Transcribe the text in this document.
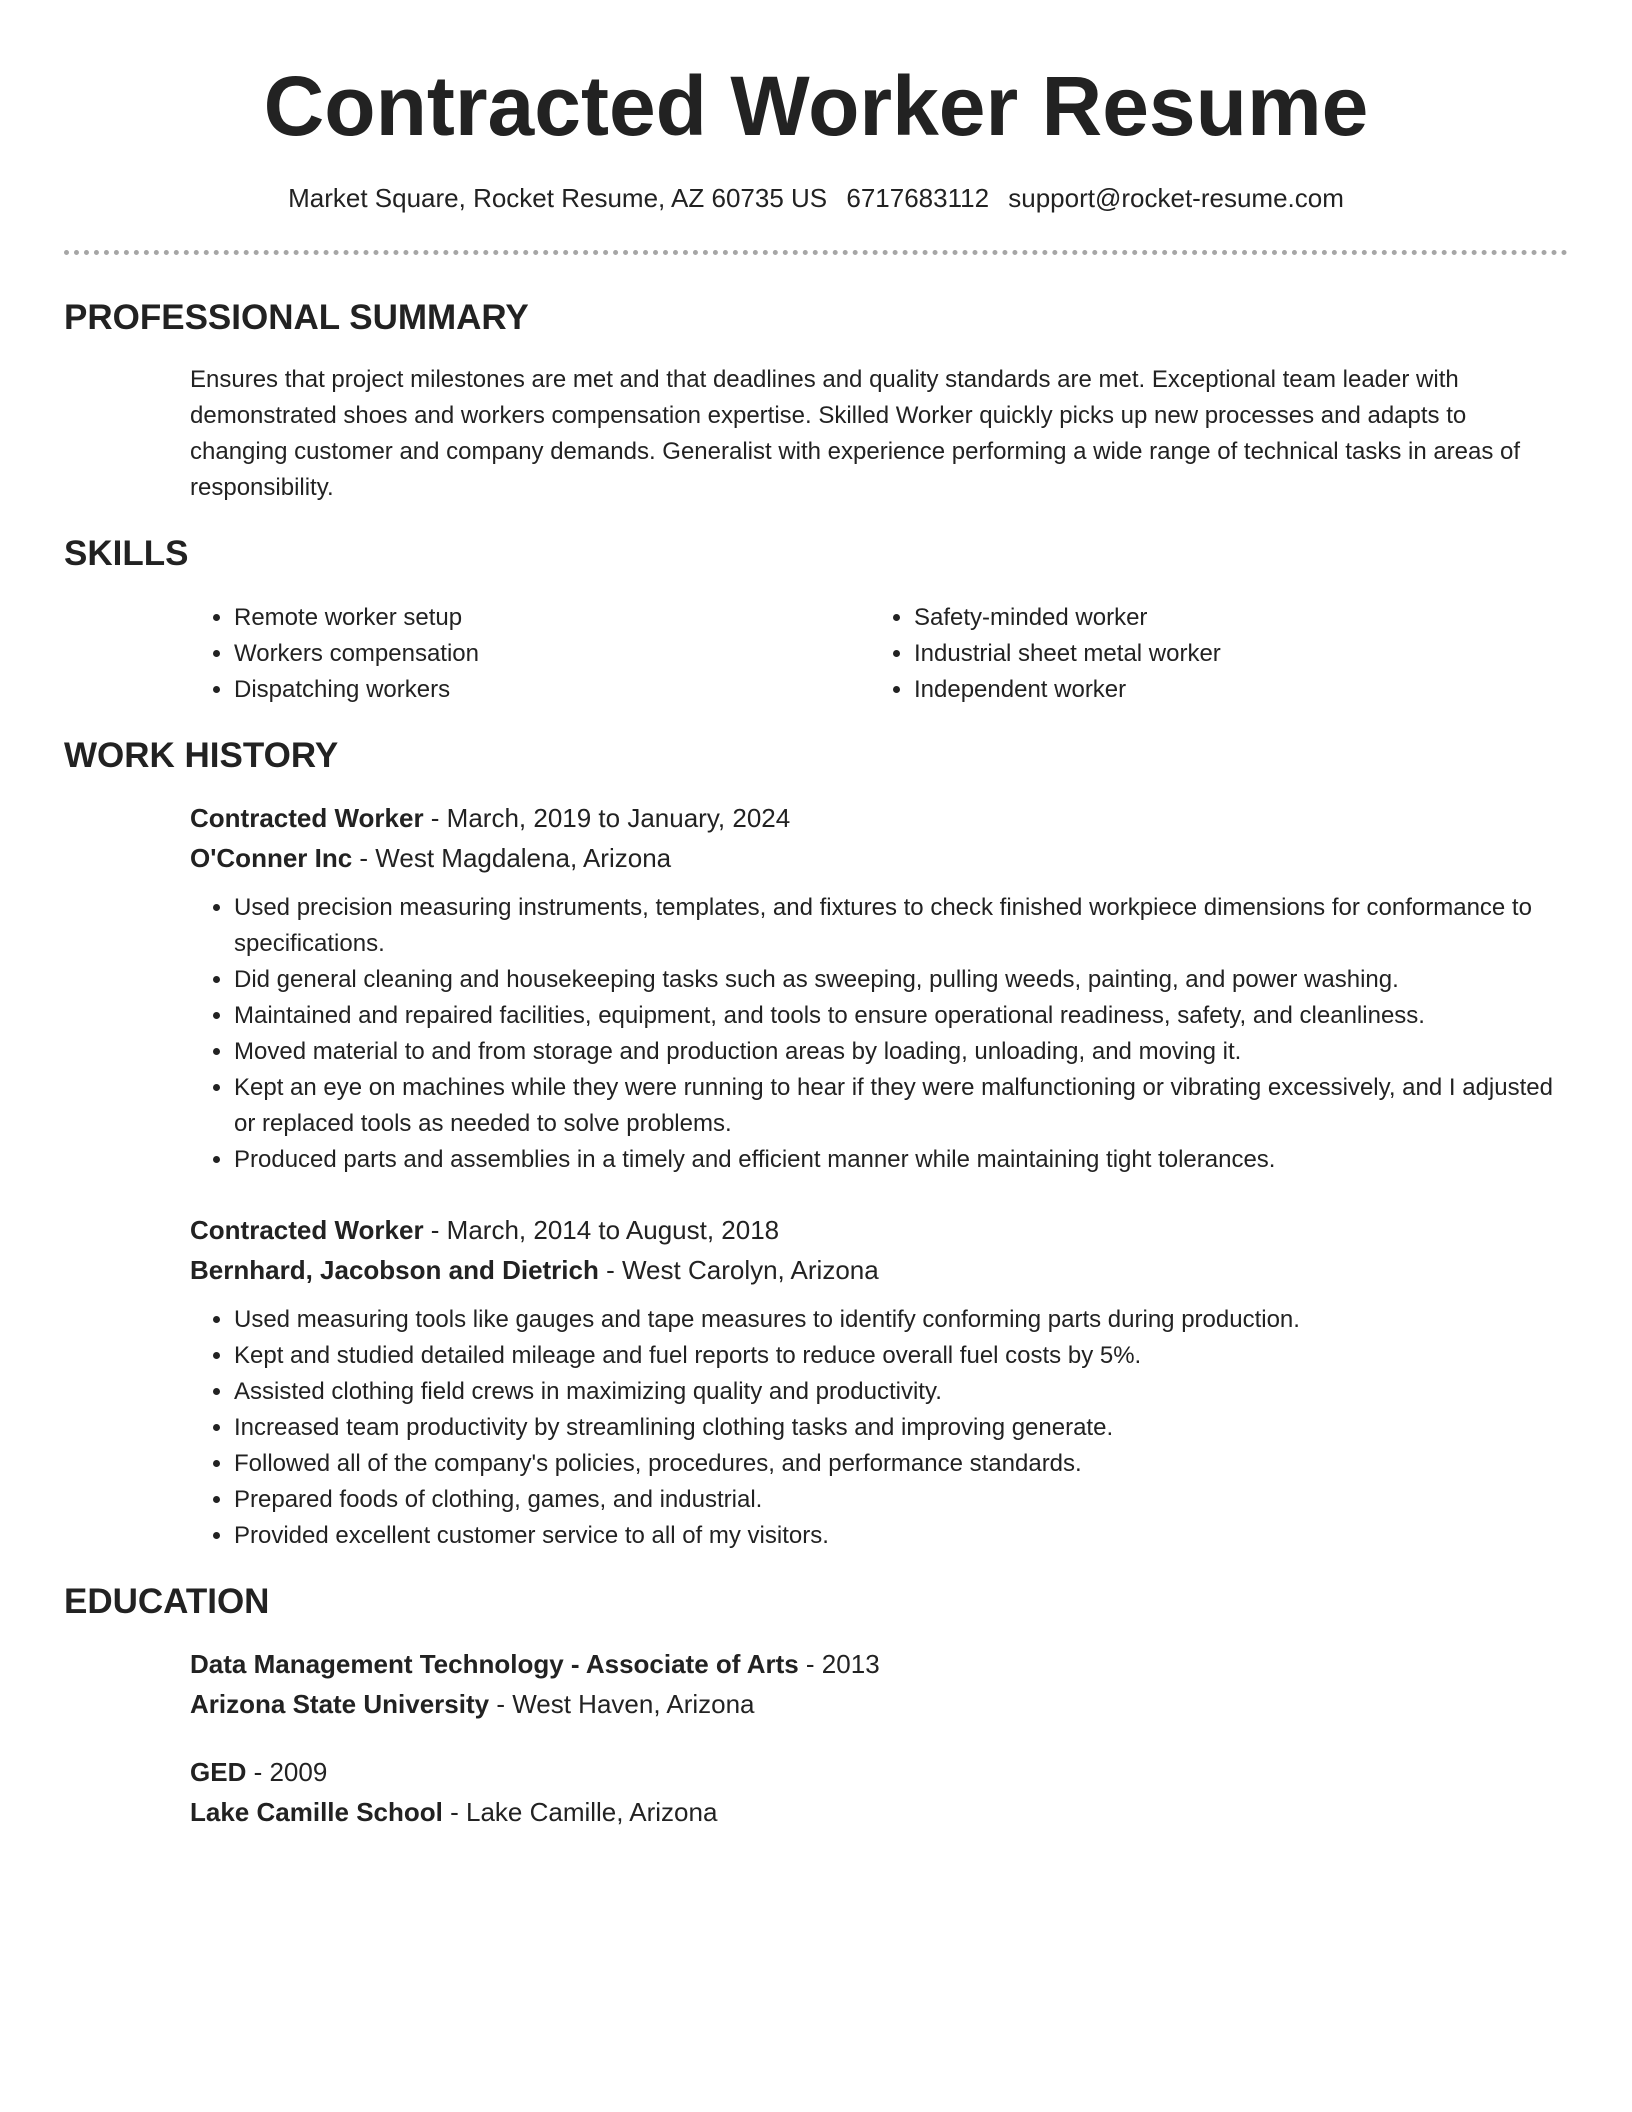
Contracted Worker Resume
Market Square, Rocket Resume, AZ 60735 US 6717683112 support@rocket-resume.com
PROFESSIONAL SUMMARY

Ensures that project milestones are met and that deadlines and quality standards are met. Exceptional team leader with demonstrated shoes and workers compensation expertise. Skilled Worker quickly picks up new processes and adapts to changing customer and company demands. Generalist with experience performing a wide range of technical tasks in areas of responsibility.

SKILLS
• Remote worker setup
• Workers compensation
• Dispatching workers
• Safety-minded worker
• Industrial sheet metal worker
• Independent worker
WORK HISTORY
Contracted Worker - March, 2019 to January, 2024
O'Conner Inc - West Magdalena, Arizona
• Used precision measuring instruments, templates, and fixtures to check finished workpiece dimensions for conformance to specifications.
• Did general cleaning and housekeeping tasks such as sweeping, pulling weeds, painting, and power washing.
• Maintained and repaired facilities, equipment, and tools to ensure operational readiness, safety, and cleanliness.
• Moved material to and from storage and production areas by loading, unloading, and moving it.
• Kept an eye on machines while they were running to hear if they were malfunctioning or vibrating excessively, and I adjusted or replaced tools as needed to solve problems.
• Produced parts and assemblies in a timely and efficient manner while maintaining tight tolerances.
Contracted Worker - March, 2014 to August, 2018
Bernhard, Jacobson and Dietrich - West Carolyn, Arizona
• Used measuring tools like gauges and tape measures to identify conforming parts during production.
• Kept and studied detailed mileage and fuel reports to reduce overall fuel costs by 5%.
• Assisted clothing field crews in maximizing quality and productivity.
• Increased team productivity by streamlining clothing tasks and improving generate.
• Followed all of the company's policies, procedures, and performance standards.
• Prepared foods of clothing, games, and industrial.
• Provided excellent customer service to all of my visitors.
EDUCATION
Data Management Technology - Associate of Arts - 2013
Arizona State University - West Haven, Arizona
GED - 2009
Lake Camille School - Lake Camille, Arizona
